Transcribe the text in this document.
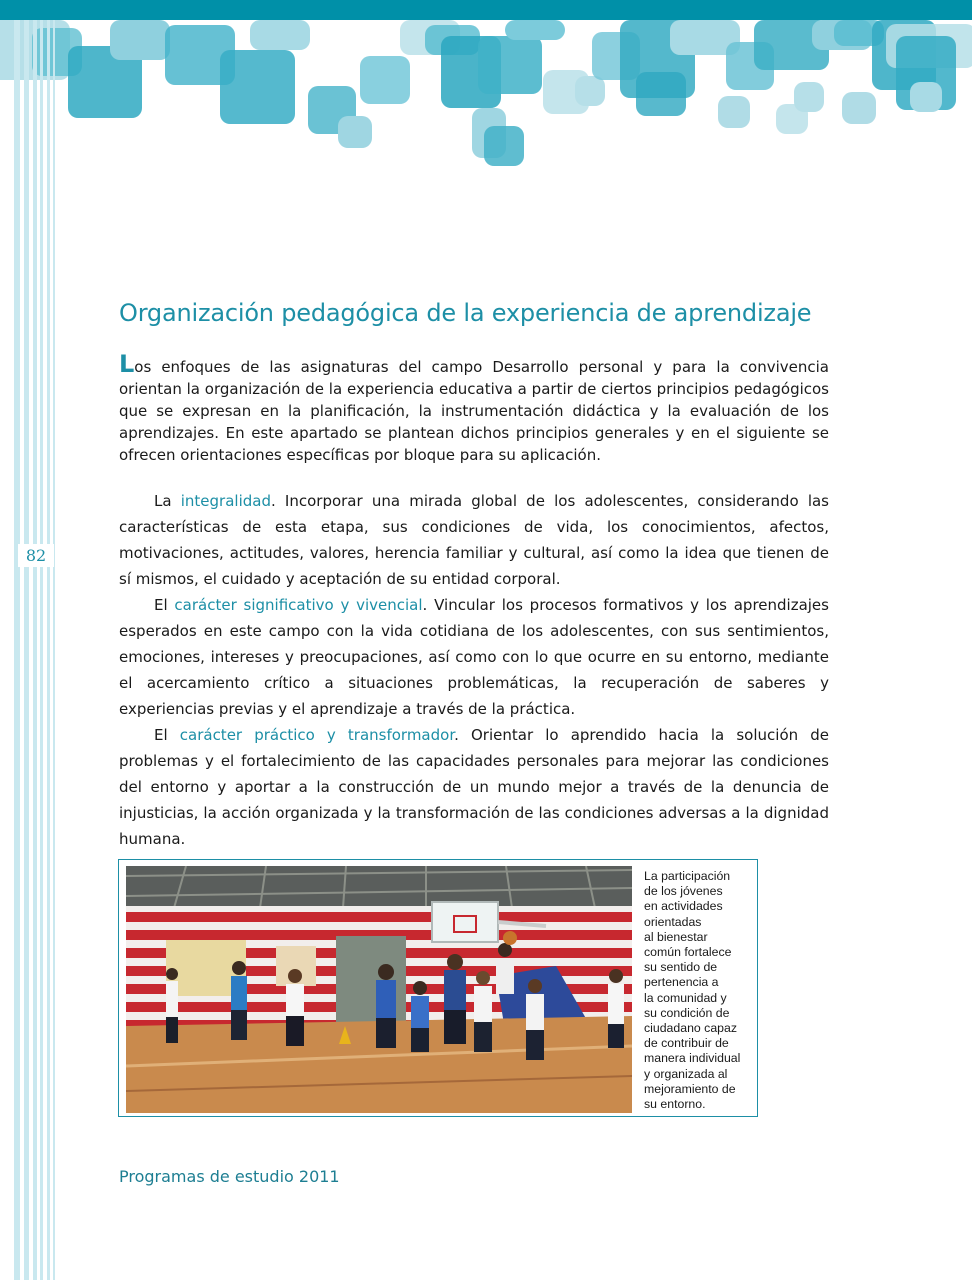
82
Organización pedagógica de la experiencia de aprendizaje

Los enfoques de las asignaturas del campo Desarrollo personal y para la convivencia orientan la organización de la experiencia educativa a partir de ciertos principios pedagógicos que se expresan en la planificación, la instrumentación didáctica y la evaluación de los aprendizajes. En este apartado se plantean dichos principios generales y en el siguiente se ofrecen orientaciones específicas por bloque para su aplicación.

La integralidad. Incorporar una mirada global de los adolescentes, considerando las características de esta etapa, sus condiciones de vida, los conocimientos, afectos, motivaciones, actitudes, valores, herencia familiar y cultural, así como la idea que tienen de sí mismos, el cuidado y aceptación de su entidad corporal.

El carácter significativo y vivencial. Vincular los procesos formativos y los aprendizajes esperados en este campo con la vida cotidiana de los adolescentes, con sus sentimientos, emociones, intereses y preocupaciones, así como con lo que ocurre en su entorno, mediante el acercamiento crítico a situaciones problemáticas, la recuperación de saberes y experiencias previas y el aprendizaje a través de la práctica.

El carácter práctico y transformador. Orientar lo aprendido hacia la solución de problemas y el fortalecimiento de las capacidades personales para mejorar las condiciones del entorno y aportar a la construcción de un mundo mejor a través de la denuncia de injusticias, la acción organizada y la transformación de las condiciones adversas a la dignidad humana.

La participación
de los jóvenes
en actividades
orientadas
al bienestar
común fortalece
su sentido de
pertenencia a
la comunidad y
su condición de
ciudadano capaz
de contribuir de
manera individual
y organizada al
mejoramiento de
su entorno.
Programas de estudio 2011
